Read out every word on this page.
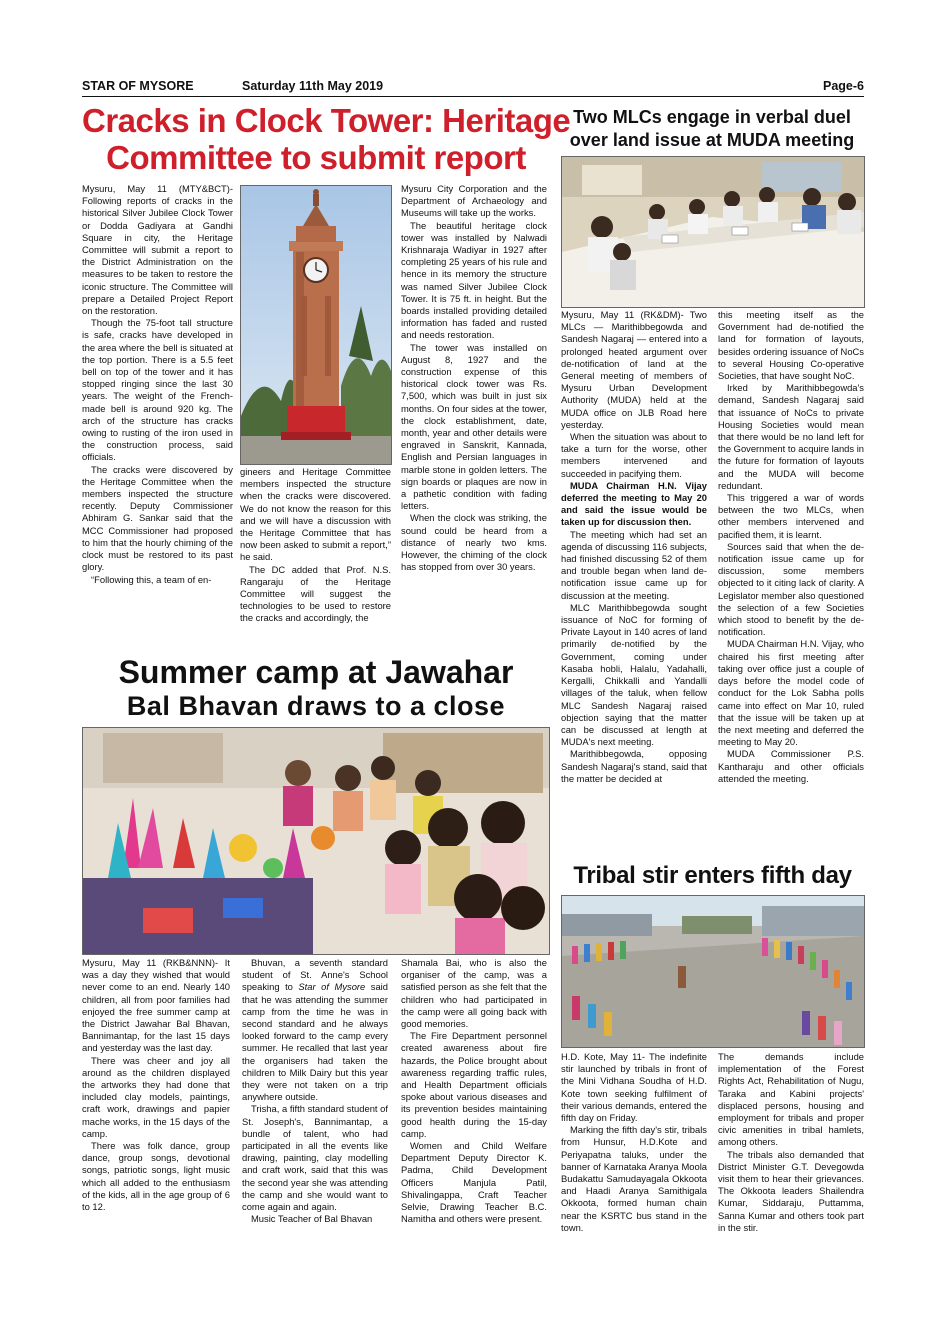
STAR OF MYSORE	Saturday 11th May 2019	Page-6
Cracks in Clock Tower: Heritage
Committee to submit report

Mysuru, May 11 (MTY&BCT)- Following reports of cracks in the historical Silver Jubilee Clock Tower or Dodda Gadiyara at Gandhi Square in city, the Heritage Committee will submit a report to the District Administration on the measures to be taken to restore the iconic structure. The Committee will prepare a Detailed Project Report on the restoration.

Though the 75-foot tall structure is safe, cracks have developed in the area where the bell is situated at the top portion. There is a 5.5 feet bell on top of the tower and it has stopped ringing since the last 30 years. The weight of the French-made bell is around 920 kg. The arch of the structure has cracks owing to rusting of the iron used in the construction process, said officials.

The cracks were discovered by the Heritage Committee when the members inspected the structure recently. Deputy Commissioner Abhiram G. Sankar said that the MCC Commissioner had proposed to him that the hourly chiming of the clock must be restored to its past glory.

“Following this, a team of en-

gineers and Heritage Committee members inspected the structure when the cracks were discovered. We do not know the reason for this and we will have a discussion with the Heritage Committee that has now been asked to submit a report,” he said.

The DC added that Prof. N.S. Rangaraju of the Heritage Committee will suggest the technologies to be used to restore the cracks and accordingly, the

Mysuru City Corporation and the Department of Archaeology and Museums will take up the works.

The beautiful heritage clock tower was installed by Nalwadi Krishnaraja Wadiyar in 1927 after completing 25 years of his rule and hence in its memory the structure was named Silver Jubilee Clock Tower. It is 75 ft. in height. But the boards installed providing detailed information has faded and rusted and needs restoration.

The tower was installed on August 8, 1927 and the construction expense of this historical clock tower was Rs. 7,500, which was built in just six months. On four sides at the tower, the clock establishment, date, month, year and other details were engraved in Sanskrit, Kannada, English and Persian languages in marble stone in golden letters. The sign boards or plaques are now in a pathetic condition with fading letters.

When the clock was striking, the sound could be heard from a distance of nearly two kms. However, the chiming of the clock has stopped from over 30 years.

Summer camp at Jawahar
Bal Bhavan draws to a close

Mysuru, May 11 (RKB&NNN)- It was a day they wished that would never come to an end. Nearly 140 children, all from poor families had enjoyed the free summer camp at the District Jawahar Bal Bhavan, Bannimantap, for the last 15 days and yesterday was the last day.

There was cheer and joy all around as the children displayed the artworks they had done that included clay models, paintings, craft work, drawings and papier mache works, in the 15 days of the camp.

There was folk dance, group dance, group songs, devotional songs, patriotic songs, light music which all added to the enthusiasm of the kids, all in the age group of 6 to 12.

Bhuvan, a seventh standard student of St. Anne's School speaking to Star of Mysore said that he was attending the summer camp from the time he was in second standard and he always looked forward to the camp every summer. He recalled that last year the organisers had taken the children to Milk Dairy but this year they were not taken on a trip anywhere outside.

Trisha, a fifth standard student of St. Joseph's, Bannimantap, a bundle of talent, who had participated in all the events like drawing, painting, clay modelling and craft work, said that this was the second year she was attending the camp and she would want to come again and again.

Music Teacher of Bal Bhavan

Shamala Bai, who is also the organiser of the camp, was a satisfied person as she felt that the children who had participated in the camp were all going back with good memories.

The Fire Department personnel created awareness about fire hazards, the Police brought about awareness regarding traffic rules, and Health Department officials spoke about various diseases and its prevention besides maintaining good health during the 15-day camp.

Women and Child Welfare Department Deputy Director K. Padma, Child Development Officers Manjula Patil, Shivalingappa, Craft Teacher Selvie, Drawing Teacher B.C. Namitha and others were present.

Two MLCs engage in verbal duel
over land issue at MUDA meeting

Mysuru, May 11 (RK&DM)- Two MLCs — Marithibbegowda and Sandesh Nagaraj — entered into a prolonged heated argument over de-notification of land at the General meeting of members of Mysuru Urban Development Authority (MUDA) held at the MUDA office on JLB Road here yesterday.

When the situation was about to take a turn for the worse, other members intervened and succeeded in pacifying them.

MUDA Chairman H.N. Vijay deferred the meeting to May 20 and said the issue would be taken up for discussion then.

The meeting which had set an agenda of discussing 116 subjects, had finished discussing 52 of them and trouble began when land de-notification issue came up for discussion at the meeting.

MLC Marithibbegowda sought issuance of NoC for forming of Private Layout in 140 acres of land primarily de-notified by the Government, coming under Kasaba hobli, Halalu, Yadahalli, Kergalli, Chikkalli and Yandalli villages of the taluk, when fellow MLC Sandesh Nagaraj raised objection saying that the matter can be discussed at length at MUDA's next meeting.

Marithibbegowda, opposing Sandesh Nagaraj's stand, said that the matter be decided at

this meeting itself as the Government had de-notified the land for formation of layouts, besides ordering issuance of NoCs to several Housing Co-operative Societies, that have sought NoC.

Irked by Marithibbegowda's demand, Sandesh Nagaraj said that issuance of NoCs to private Housing Societies would mean that there would be no land left for the Government to acquire lands in the future for formation of layouts and the MUDA will become redundant.

This triggered a war of words between the two MLCs, when other members intervened and pacified them, it is learnt.

Sources said that when the de-notification issue came up for discussion, some members objected to it citing lack of clarity. A Legislator member also questioned the selection of a few Societies which stood to benefit by the de-notification.

MUDA Chairman H.N. Vijay, who chaired his first meeting after taking over office just a couple of days before the model code of conduct for the Lok Sabha polls came into effect on Mar 10, ruled that the issue will be taken up at the next meeting and deferred the meeting to May 20.

MUDA Commissioner P.S. Kantharaju and other officials attended the meeting.

Tribal stir enters fifth day

H.D. Kote, May 11- The indefinite stir launched by tribals in front of the Mini Vidhana Soudha of H.D. Kote town seeking fulfilment of their various demands, entered the fifth day on Friday.

Marking the fifth day's stir, tribals from Hunsur, H.D.Kote and Periyapatna taluks, under the banner of Karnataka Aranya Moola Budakattu Samudayagala Okkoota and Haadi Aranya Samithigala Okkoota, formed human chain near the KSRTC bus stand in the town.

The demands include implementation of the Forest Rights Act, Rehabilitation of Nugu, Taraka and Kabini projects' displaced persons, housing and employment for tribals and proper civic amenities in tribal hamlets, among others.

The tribals also demanded that District Minister G.T. Devegowda visit them to hear their grievances. The Okkoota leaders Shailendra Kumar, Siddaraju, Puttamma, Sanna Kumar and others took part in the stir.
